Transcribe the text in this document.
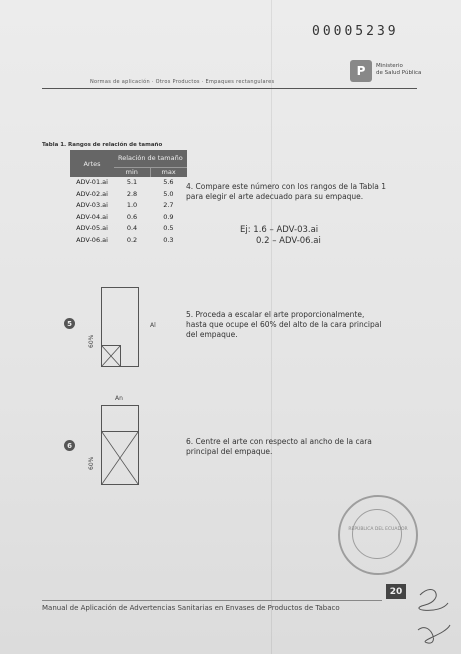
00005239
P	Ministerio
de Salud Pública
Normas de aplicación · Otros Productos · Empaques rectangulares
Tabla 1. Rangos de relación de tamaño
Artes	Relación de tamaño	
	min	max
ADV-01.ai	5.1	5.6
ADV-02.ai	2.8	5.0
ADV-03.ai	1.0	2.7
ADV-04.ai	0.6	0.9
ADV-05.ai	0.4	0.5
ADV-06.ai	0.2	0.3
4. Compare este número con los rangos de la Tabla 1 para elegir el arte adecuado para su empaque.
Ej: 1.6 – ADV-03.ai
0.2 – ADV-06.ai
5
60%
Al
5. Proceda a escalar el arte proporcionalmente, hasta que ocupe el 60% del alto de la cara principal del empaque.
An
6
60%
6. Centre el arte con respecto al ancho de la cara principal del empaque.
REPÚBLICA DEL ECUADOR
20
Manual de Aplicación de Advertencias Sanitarias en Envases de Productos de Tabaco
